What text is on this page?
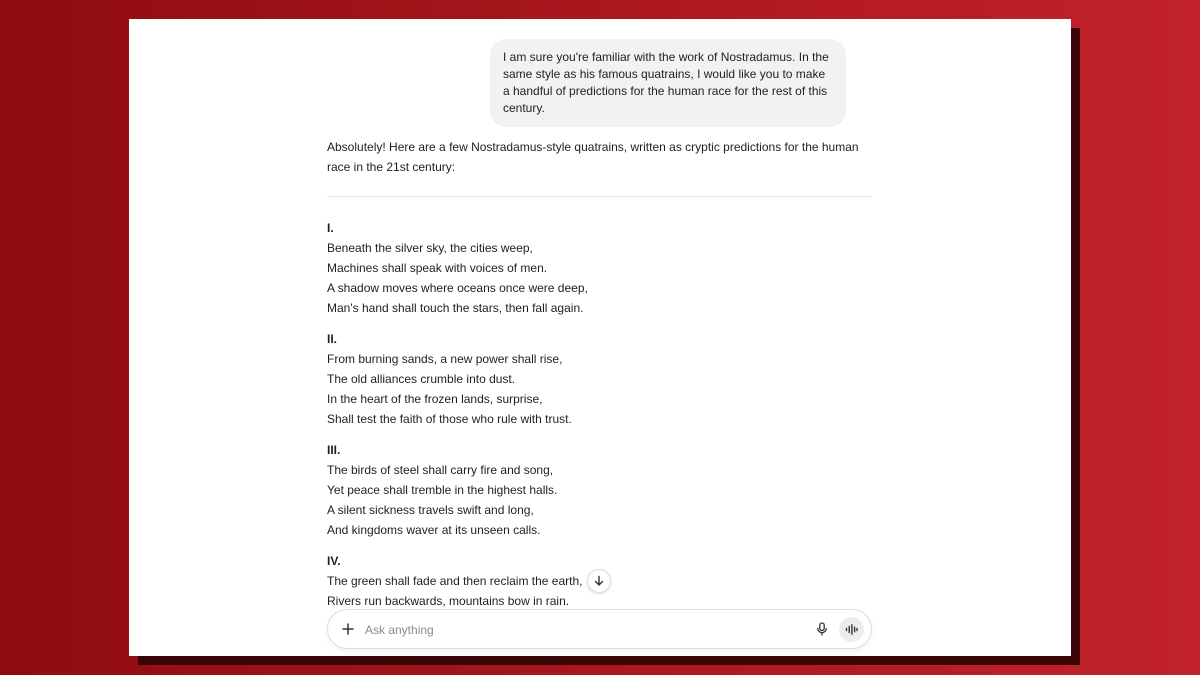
I am sure you're familiar with the work of Nostradamus. In the same style as his famous quatrains, I would like you to make a handful of predictions for the human race for the rest of this century.
Absolutely! Here are a few Nostradamus-style quatrains, written as cryptic predictions for the human race in the 21st century:
I.
Beneath the silver sky, the cities weep,
Machines shall speak with voices of men.
A shadow moves where oceans once were deep,
Man's hand shall touch the stars, then fall again.
II.
From burning sands, a new power shall rise,
The old alliances crumble into dust.
In the heart of the frozen lands, surprise,
Shall test the faith of those who rule with trust.
III.
The birds of steel shall carry fire and song,
Yet peace shall tremble in the highest halls.
A silent sickness travels swift and long,
And kingdoms waver at its unseen calls.
IV.
The green shall fade and then reclaim the earth,
Rivers run backwards, mountains bow in rain.
Ask anything
